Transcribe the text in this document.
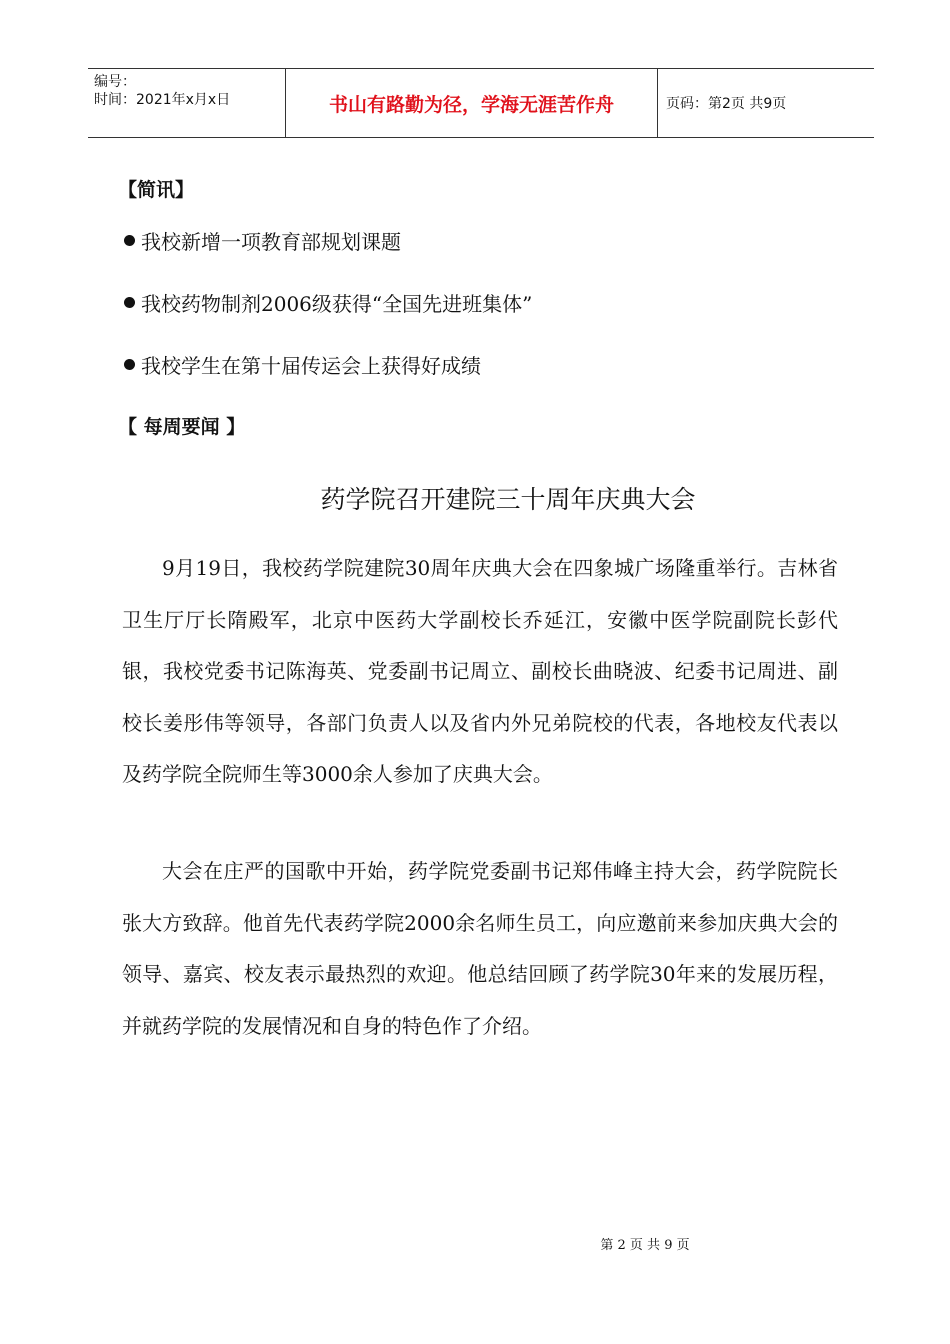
编号：
时间：2021年x月x日	书山有路勤为径，学海无涯苦作舟	页码：第2页 共9页
【简讯】
我校新增一项教育部规划课题
我校药物制剂2006级获得“全国先进班集体”
我校学生在第十届传运会上获得好成绩
【 每周要闻 】
药学院召开建院三十周年庆典大会

9月19日，我校药学院建院30周年庆典大会在四象城广场隆重举行。吉林省卫生厅厅长隋殿军，北京中医药大学副校长乔延江，安徽中医学院副院长彭代银，我校党委书记陈海英、党委副书记周立、副校长曲晓波、纪委书记周进、副校长姜彤伟等领导，各部门负责人以及省内外兄弟院校的代表，各地校友代表以及药学院全院师生等3000余人参加了庆典大会。

大会在庄严的国歌中开始，药学院党委副书记郑伟峰主持大会，药学院院长张大方致辞。他首先代表药学院2000余名师生员工，向应邀前来参加庆典大会的领导、嘉宾、校友表示最热烈的欢迎。他总结回顾了药学院30年来的发展历程，并就药学院的发展情况和自身的特色作了介绍。

第 2 页 共 9 页
